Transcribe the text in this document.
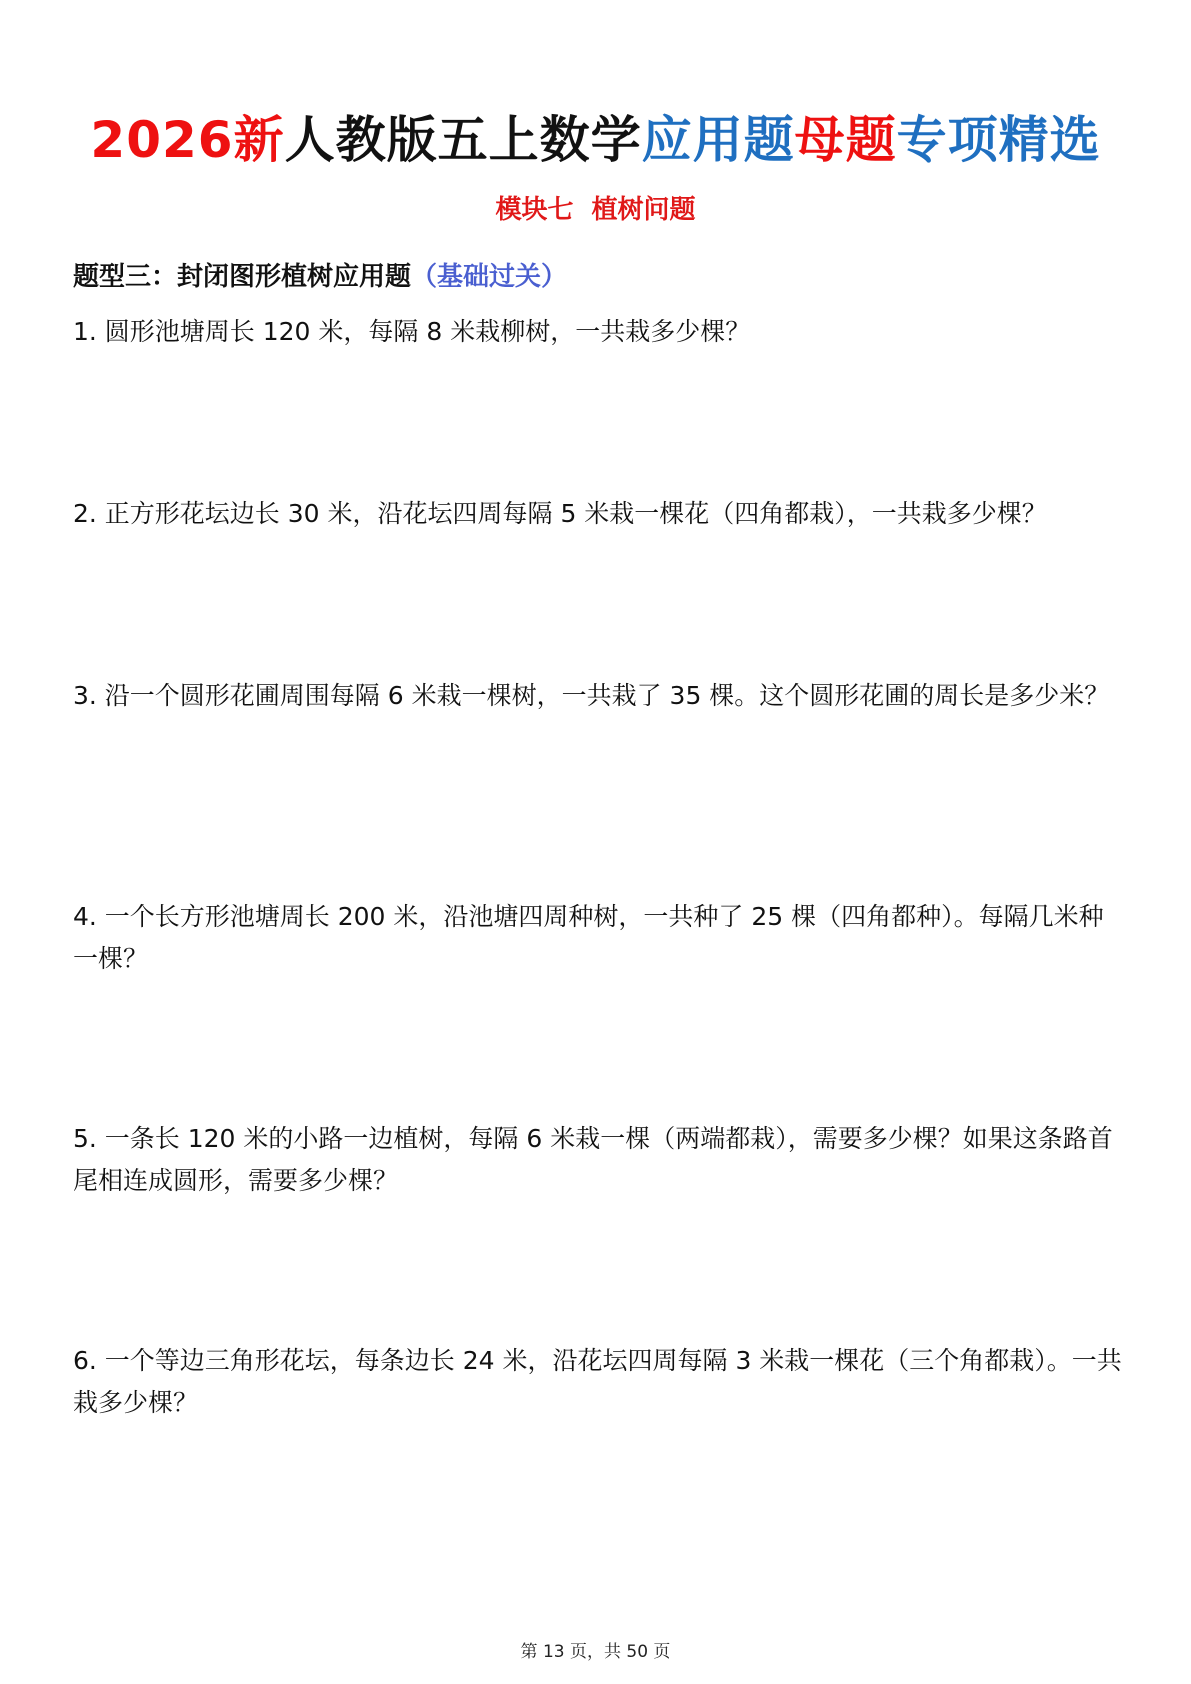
2026新人教版五上数学应用题母题专项精选
模块七  植树问题
题型三：封闭图形植树应用题（基础过关）
1. 圆形池塘周长 120 米，每隔 8 米栽柳树，一共栽多少棵？
2. 正方形花坛边长 30 米，沿花坛四周每隔 5 米栽一棵花（四角都栽），一共栽多少棵？
3. 沿一个圆形花圃周围每隔 6 米栽一棵树，一共栽了 35 棵。这个圆形花圃的周长是多少米？
4. 一个长方形池塘周长 200 米，沿池塘四周种树，一共种了 25 棵（四角都种）。每隔几米种一棵？
5. 一条长 120 米的小路一边植树，每隔 6 米栽一棵（两端都栽），需要多少棵？如果这条路首尾相连成圆形，需要多少棵？
6. 一个等边三角形花坛，每条边长 24 米，沿花坛四周每隔 3 米栽一棵花（三个角都栽）。一共栽多少棵？
第 13 页，共 50 页
